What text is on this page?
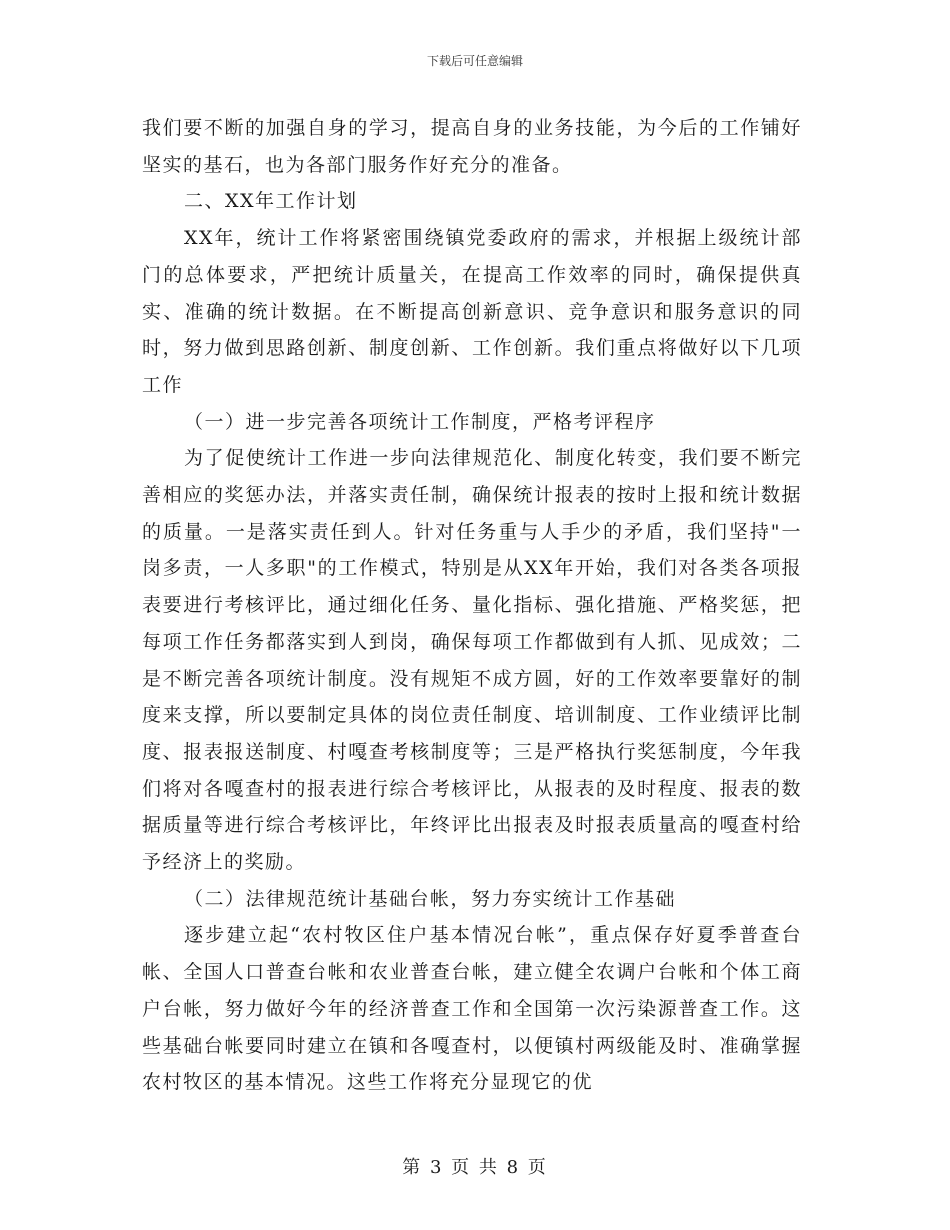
下载后可任意编辑

我们要不断的加强自身的学习，提高自身的业务技能，为今后的工作铺好坚实的基石，也为各部门服务作好充分的准备。

二、XX年工作计划

XX年，统计工作将紧密围绕镇党委政府的需求，并根据上级统计部门的总体要求，严把统计质量关，在提高工作效率的同时，确保提供真实、准确的统计数据。在不断提高创新意识、竞争意识和服务意识的同时，努力做到思路创新、制度创新、工作创新。我们重点将做好以下几项工作

（一）进一步完善各项统计工作制度，严格考评程序

为了促使统计工作进一步向法律规范化、制度化转变，我们要不断完善相应的奖惩办法，并落实责任制，确保统计报表的按时上报和统计数据的质量。一是落实责任到人。针对任务重与人手少的矛盾，我们坚持"一岗多责，一人多职"的工作模式，特别是从XX年开始，我们对各类各项报表要进行考核评比，通过细化任务、量化指标、强化措施、严格奖惩，把每项工作任务都落实到人到岗，确保每项工作都做到有人抓、见成效；二是不断完善各项统计制度。没有规矩不成方圆，好的工作效率要靠好的制度来支撑，所以要制定具体的岗位责任制度、培训制度、工作业绩评比制度、报表报送制度、村嘎查考核制度等；三是严格执行奖惩制度，今年我们将对各嘎查村的报表进行综合考核评比，从报表的及时程度、报表的数据质量等进行综合考核评比，年终评比出报表及时报表质量高的嘎查村给予经济上的奖励。

（二）法律规范统计基础台帐，努力夯实统计工作基础

逐步建立起“农村牧区住户基本情况台帐”，重点保存好夏季普查台帐、全国人口普查台帐和农业普查台帐，建立健全农调户台帐和个体工商户台帐，努力做好今年的经济普查工作和全国第一次污染源普查工作。这些基础台帐要同时建立在镇和各嘎查村，以便镇村两级能及时、准确掌握农村牧区的基本情况。这些工作将充分显现它的优

第 3 页 共 8 页
